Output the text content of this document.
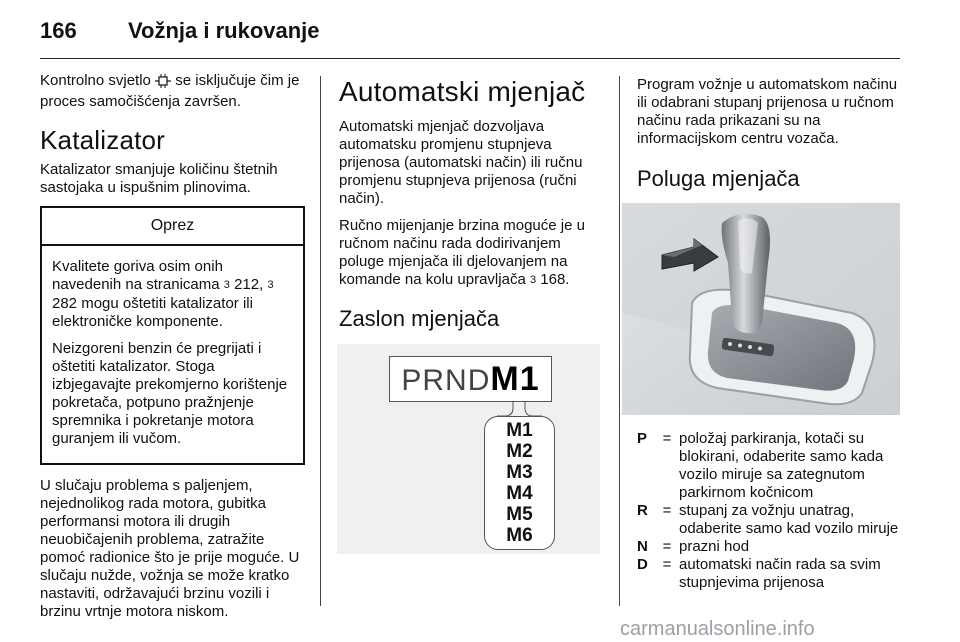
166 Vožnja i rukovanje

Kontrolno svjetlo se isključuje čim je proces samočišćenja završen.

Katalizator

Katalizator smanjuje količinu štetnih sastojaka u ispušnim plinovima.

Oprez

Kvalitete goriva osim onih navedenih na stranicama 3 212, 3 282 mogu oštetiti katalizator ili elektroničke komponente.

Neizgoreni benzin će pregrijati i oštetiti katalizator. Stoga izbjegavajte prekomjerno korištenje pokretača, potpuno pražnjenje spremnika i pokretanje motora guranjem ili vučom.

U slučaju problema s paljenjem, nejednolikog rada motora, gubitka performansi motora ili drugih neuobičajenih problema, zatražite pomoć radionice što je prije moguće. U slučaju nužde, vožnja se može kratko nastaviti, održavajući brzinu vozili i brzinu vrtnje motora niskom.

Automatski mjenjač

Automatski mjenjač dozvoljava automatsku promjenu stupnjeva prijenosa (automatski način) ili ručnu promjenu stupnjeva prijenosa (ručni način).

Ručno mijenjanje brzina moguće je u ručnom načinu rada dodirivanjem poluge mjenjača ili djelovanjem na komande na kolu upravljača 3 168.

Zaslon mjenjača
PRNDM1
M1
M2
M3
M4
M5
M6

Program vožnje u automatskom načinu ili odabrani stupanj prijenosa u ručnom načinu rada prikazani su na informacijskom centru vozača.

Poluga mjenjača
P	= položaj parkiranja, kotači su blokirani, odaberite samo kada vozilo miruje sa zategnutom parkirnom kočnicom
R = stupanj za vožnju unatrag, odaberite samo kad vozilo miruje
N = prazni hod
D = automatski način rada sa svim stupnjevima prijenosa
carmanualsonline.info
